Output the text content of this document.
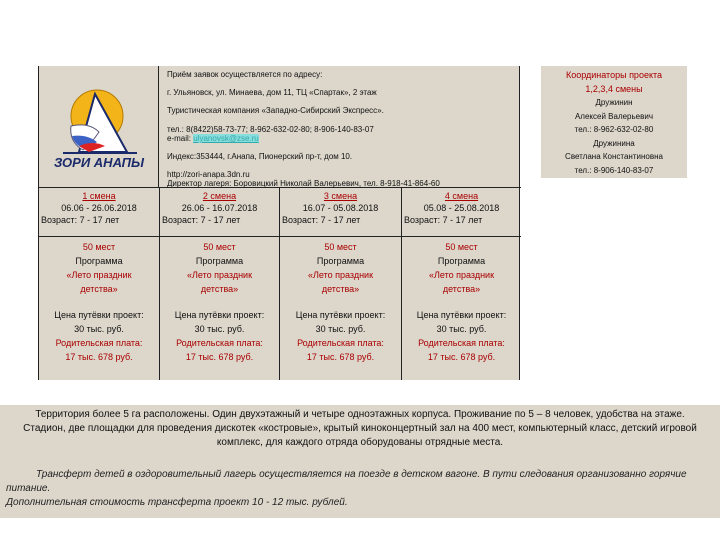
ЗОРИ АНАПЫ
Приём заявок осуществляется по адресу:
г. Ульяновск, ул. Минаева, дом 11, ТЦ «Спартак», 2 этаж
Туристическая компания «Западно-Сибирский Экспресс».
тел.: 8(8422)58-73-77; 8-962-632-02-80; 8-906-140-83-07
e-mail: ulyanovsk@zse.ru
Индекс:353444, г.Анапа, Пионерский пр-т, дом 10.
http://zori-anapa.3dn.ru
Директор лагеря: Боровицкий Николай Валерьевич, тел. 8-918-41-864-60
1 смена
06.06 - 26.06.2018
Возраст: 7 - 17 лет
50 мест
Программа
«Лето праздник детства»
Цена путёвки проект:
30 тыс. руб.
Родительская плата:
17 тыс. 678 руб.
2 смена
26.06 - 16.07.2018
Возраст: 7 - 17 лет
50 мест
Программа
«Лето праздник детства»
Цена путёвки проект:
30 тыс. руб.
Родительская плата:
17 тыс. 678 руб.
3 смена
16.07 - 05.08.2018
Возраст: 7 - 17 лет
50 мест
Программа
«Лето праздник детства»
Цена путёвки проект:
30 тыс. руб.
Родительская плата:
17 тыс. 678 руб.
4 смена
05.08 - 25.08.2018
Возраст: 7 - 17 лет
50 мест
Программа
«Лето праздник детства»
Цена путёвки проект:
30 тыс. руб.
Родительская плата:
17 тыс. 678 руб.
Координаторы проекта
1,2,3,4 смены
Дружинин
Алексей Валерьевич
тел.: 8-962-632-02-80
Дружинина
Светлана Константиновна
тел.: 8-906-140-83-07
Территория более 5 га расположены. Один двухэтажный и четыре одноэтажных корпуса. Проживание по 5 – 8 человек, удобства на этаже. Стадион, две площадки для проведения дискотек «костровые», крытый киноконцертный зал на 400 мест, компьютерный класс, детский игровой комплекс, для каждого отряда оборудованы отрядные места.
Трансферт детей в оздоровительный лагерь осуществляется на поезде в детском вагоне. В пути следования организованно горячие питание.
Дополнительная стоимость трансферта проект 10 - 12 тыс. рублей.
